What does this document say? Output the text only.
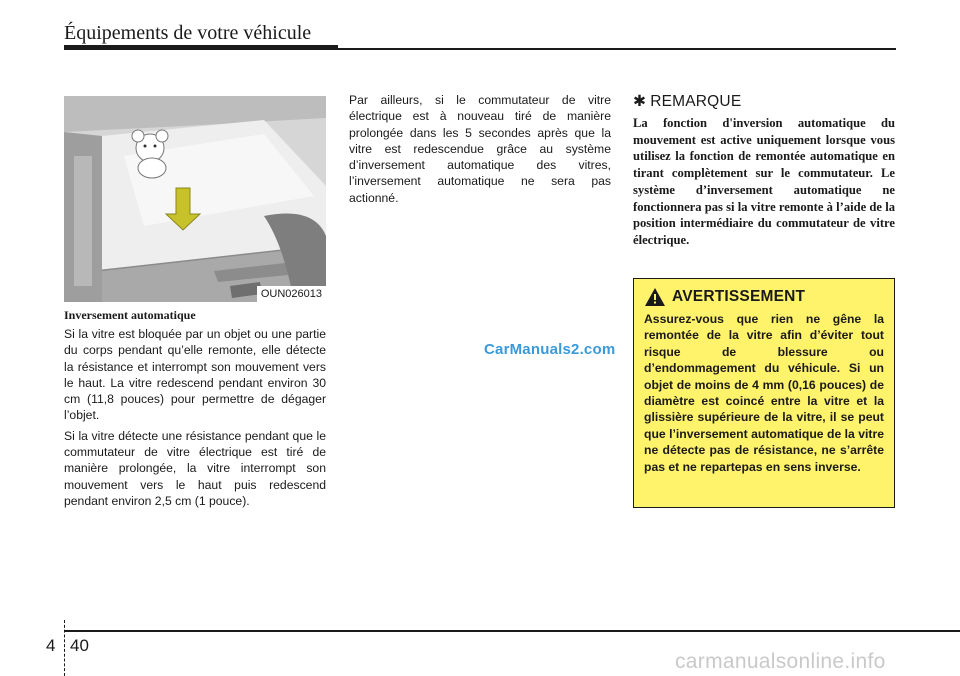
Équipements de votre véhicule
OUN026013

Inversement automatique

Si la vitre est bloquée par un objet ou une partie du corps pendant qu’elle remonte, elle détecte la résistance et interrompt son mouvement vers le haut. La vitre redescend pendant environ 30 cm (11,8 pouces) pour permettre de dégager l’objet.

Si la vitre détecte une résistance pendant que le commutateur de vitre électrique est tiré de manière prolongée, la vitre interrompt son mouvement vers le haut puis redescend pendant environ 2,5 cm (1 pouce).

Par ailleurs, si le commutateur de vitre électrique est à nouveau tiré de manière prolongée dans les 5 secondes après que la vitre est redescendue grâce au système d’inversement automatique des vitres, l’inversement automatique ne sera pas actionné.

✱ REMARQUE

La fonction d'inversion automatique du mouvement est active uniquement lorsque vous utilisez la fonction de remontée automatique en tirant complètement sur le commutateur. Le système d’inversement automatique ne fonctionnera pas si la vitre remonte à l’aide de la position intermédiaire du commutateur de vitre électrique.

AVERTISSEMENT

Assurez-vous que rien ne gêne la remontée de la vitre afin d’éviter tout risque de blessure ou d’endommagement du véhicule. Si un objet de moins de 4 mm (0,16 pouces) de diamètre est coincé entre la vitre et la glissière supérieure de la vitre, il se peut que l’inversement automatique de la vitre ne détecte pas de résistance, ne s’arrête pas et ne repartepas en sens inverse.

CarManuals2.com
4 40
carmanualsonline.info
